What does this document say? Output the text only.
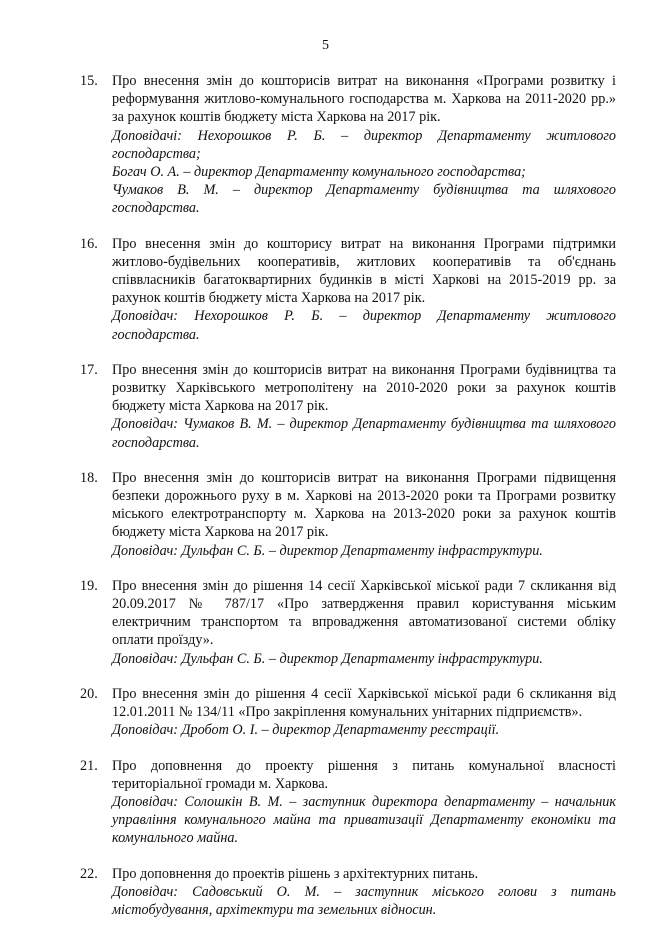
5
15. Про внесення змін до кошторисів витрат на виконання «Програми розвитку і реформування житлово-комунального господарства м. Харкова на 2011-2020 рр.» за рахунок коштів бюджету міста Харкова на 2017 рік.

Доповідачі: Нехорошков Р. Б. – директор Департаменту житлового господарства;

Богач О. А. – директор Департаменту комунального господарства;

Чумаков В. М. – директор Департаменту будівництва та шляхового господарства.

16. Про внесення змін до кошторису витрат на виконання Програми підтримки житлово-будівельних кооперативів, житлових кооперативів та об'єднань співвласників багатоквартирних будинків в місті Харкові на 2015-2019 рр. за рахунок коштів бюджету міста Харкова на 2017 рік.

Доповідач: Нехорошков Р. Б. – директор Департаменту житлового господарства.

17. Про внесення змін до кошторисів витрат на виконання Програми будівництва та розвитку Харківського метрополітену на 2010-2020 роки за рахунок коштів бюджету міста Харкова на 2017 рік.

Доповідач: Чумаков В. М. – директор Департаменту будівництва та шляхового господарства.

18. Про внесення змін до кошторисів витрат на виконання Програми підвищення безпеки дорожнього руху в м. Харкові на 2013-2020 роки та Програми розвитку міського електротранспорту м. Харкова на 2013-2020 роки за рахунок коштів бюджету міста Харкова на 2017 рік.

Доповідач: Дульфан С. Б. – директор Департаменту інфраструктури.

19. Про внесення змін до рішення 14 сесії Харківської міської ради 7 скликання від 20.09.2017 № 787/17 «Про затвердження правил користування міським електричним транспортом та впровадження автоматизованої системи обліку оплати проїзду».

Доповідач: Дульфан С. Б. – директор Департаменту інфраструктури.

20. Про внесення змін до рішення 4 сесії Харківської міської ради 6 скликання від 12.01.2011 № 134/11 «Про закріплення комунальних унітарних підприємств».

Доповідач: Дробот О. І. – директор Департаменту реєстрації.

21. Про доповнення до проекту рішення з питань комунальної власності територіальної громади м. Харкова.

Доповідач: Солошкін В. М. – заступник директора департаменту – начальник управління комунального майна та приватизації Департаменту економіки та комунального майна.

22. Про доповнення до проектів рішень з архітектурних питань.

Доповідач: Садовський О. М. – заступник міського голови з питань містобудування, архітектури та земельних відносин.
